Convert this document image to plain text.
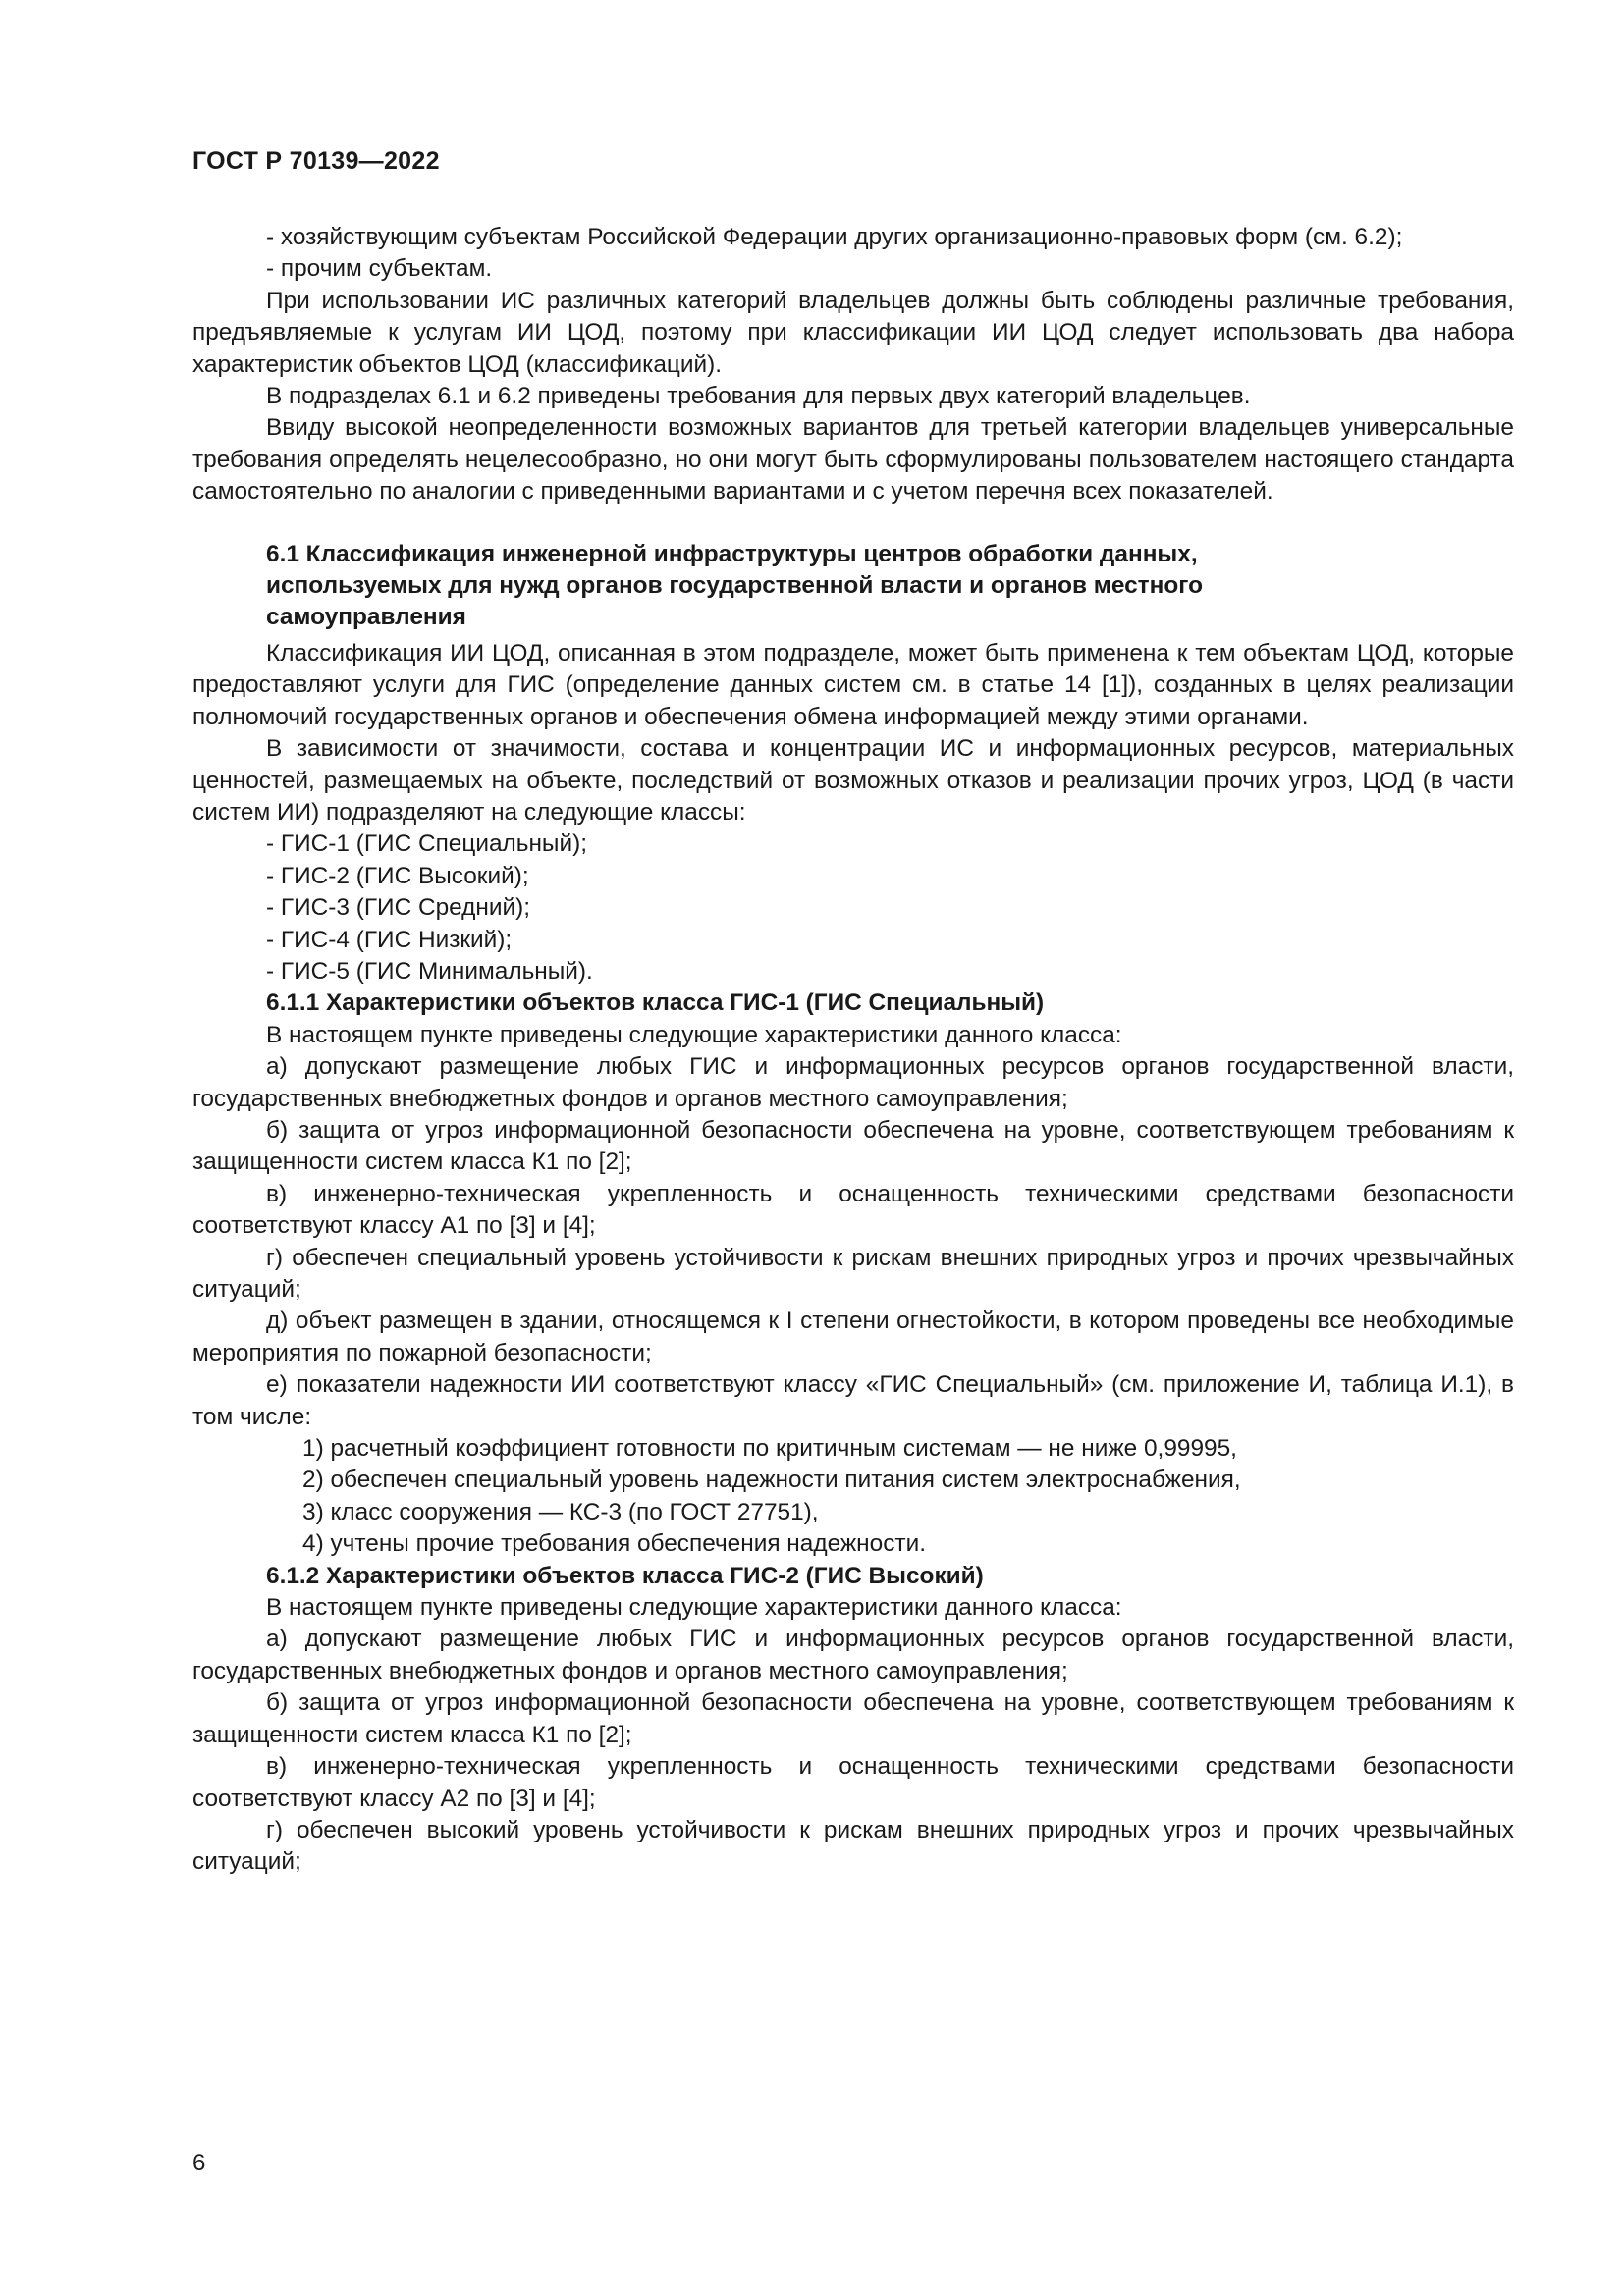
ГОСТ Р 70139—2022

- хозяйствующим субъектам Российской Федерации других организационно-правовых форм (см. 6.2);

- прочим субъектам.

При использовании ИС различных категорий владельцев должны быть соблюдены различные требования, предъявляемые к услугам ИИ ЦОД, поэтому при классификации ИИ ЦОД следует использовать два набора характеристик объектов ЦОД (классификаций).

В подразделах 6.1 и 6.2 приведены требования для первых двух категорий владельцев.

Ввиду высокой неопределенности возможных вариантов для третьей категории владельцев универсальные требования определять нецелесообразно, но они могут быть сформулированы пользователем настоящего стандарта самостоятельно по аналогии с приведенными вариантами и с учетом перечня всех показателей.

6.1 Классификация инженерной инфраструктуры центров обработки данных, используемых для нужд органов государственной власти и органов местного самоуправления

Классификация ИИ ЦОД, описанная в этом подразделе, может быть применена к тем объектам ЦОД, которые предоставляют услуги для ГИС (определение данных систем см. в статье 14 [1]), созданных в целях реализации полномочий государственных органов и обеспечения обмена информацией между этими органами.

В зависимости от значимости, состава и концентрации ИС и информационных ресурсов, материальных ценностей, размещаемых на объекте, последствий от возможных отказов и реализации прочих угроз, ЦОД (в части систем ИИ) подразделяют на следующие классы:

- ГИС-1 (ГИС Специальный);

- ГИС-2 (ГИС Высокий);

- ГИС-3 (ГИС Средний);

- ГИС-4 (ГИС Низкий);

- ГИС-5 (ГИС Минимальный).

6.1.1 Характеристики объектов класса ГИС-1 (ГИС Специальный)

В настоящем пункте приведены следующие характеристики данного класса:

а) допускают размещение любых ГИС и информационных ресурсов органов государственной власти, государственных внебюджетных фондов и органов местного самоуправления;

б) защита от угроз информационной безопасности обеспечена на уровне, соответствующем требованиям к защищенности систем класса К1 по [2];

в) инженерно-техническая укрепленность и оснащенность техническими средствами безопасности соответствуют классу А1 по [3] и [4];

г) обеспечен специальный уровень устойчивости к рискам внешних природных угроз и прочих чрезвычайных ситуаций;

д) объект размещен в здании, относящемся к I степени огнестойкости, в котором проведены все необходимые мероприятия по пожарной безопасности;

е) показатели надежности ИИ соответствуют классу «ГИС Специальный» (см. приложение И, таблица И.1), в том числе:

1) расчетный коэффициент готовности по критичным системам — не ниже 0,99995,

2) обеспечен специальный уровень надежности питания систем электроснабжения,

3) класс сооружения — КС-3 (по ГОСТ 27751),

4) учтены прочие требования обеспечения надежности.

6.1.2 Характеристики объектов класса ГИС-2 (ГИС Высокий)

В настоящем пункте приведены следующие характеристики данного класса:

а) допускают размещение любых ГИС и информационных ресурсов органов государственной власти, государственных внебюджетных фондов и органов местного самоуправления;

б) защита от угроз информационной безопасности обеспечена на уровне, соответствующем требованиям к защищенности систем класса К1 по [2];

в) инженерно-техническая укрепленность и оснащенность техническими средствами безопасности соответствуют классу А2 по [3] и [4];

г) обеспечен высокий уровень устойчивости к рискам внешних природных угроз и прочих чрезвычайных ситуаций;

6
